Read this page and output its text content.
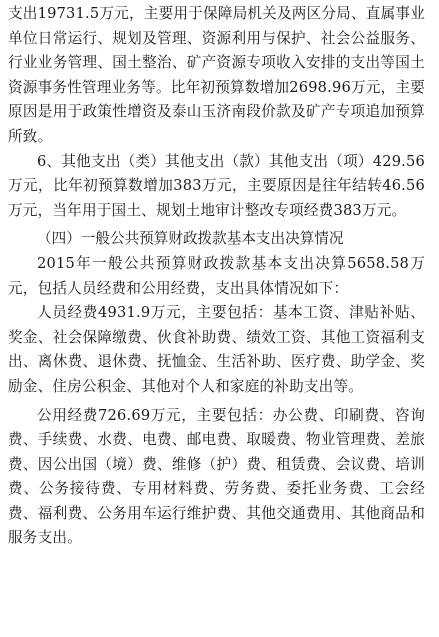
支出19731.5万元，主要用于保障局机关及两区分局、直属事业单位日常运行、规划及管理、资源利用与保护、社会公益服务、行业业务管理、国土整治、矿产资源专项收入安排的支出等国土资源事务性管理业务等。比年初预算数增加2698.96万元，主要原因是用于政策性增资及泰山玉济南段价款及矿产专项追加预算所致。

6、其他支出（类）其他支出（款）其他支出（项）429.56万元，比年初预算数增加383万元，主要原因是往年结转46.56万元，当年用于国土、规划土地审计整改专项经费383万元。

（四）一般公共预算财政拨款基本支出决算情况

2015年一般公共预算财政拨款基本支出决算5658.58万元，包括人员经费和公用经费，支出具体情况如下：

人员经费4931.9万元，主要包括：基本工资、津贴补贴、奖金、社会保障缴费、伙食补助费、绩效工资、其他工资福利支出、离休费、退休费、抚恤金、生活补助、医疗费、助学金、奖励金、住房公积金、其他对个人和家庭的补助支出等。

公用经费726.69万元，主要包括：办公费、印刷费、咨询费、手续费、水费、电费、邮电费、取暖费、物业管理费、差旅费、因公出国（境）费、维修（护）费、租赁费、会议费、培训费、公务接待费、专用材料费、劳务费、委托业务费、工会经费、福利费、公务用车运行维护费、其他交通费用、其他商品和服务支出。
